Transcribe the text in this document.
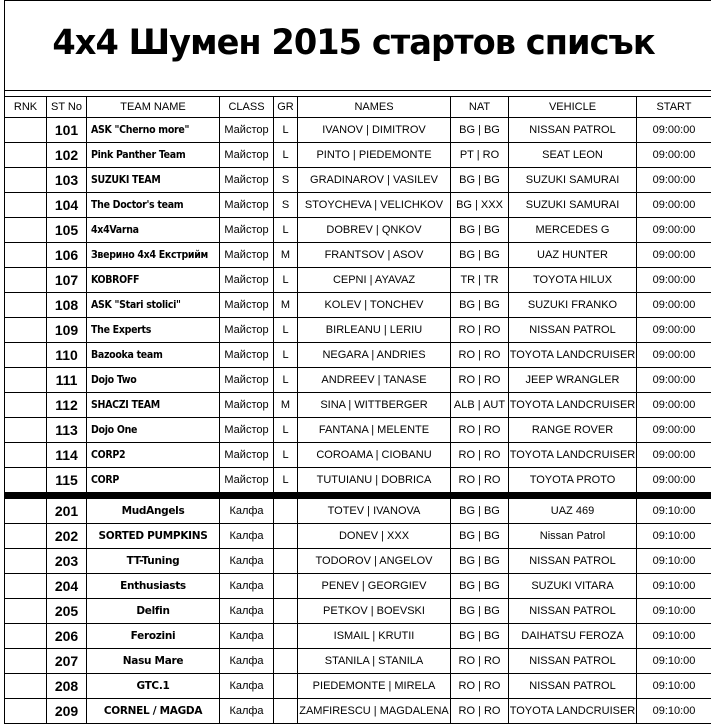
4x4 Шумен 2015 стартов списък
RNK	ST No	TEAM NAME	CLASS	GR	NAMES	NAT	VEHICLE	START
	101	ASK "Cherno more"	Майстор	L	IVANOV | DIMITROV	BG | BG	NISSAN PATROL	09:00:00
	102	Pink Panther Team	Майстор	L	PINTO | PIEDEMONTE	PT | RO	SEAT LEON	09:00:00
	103	SUZUKI TEAM	Майстор	S	GRADINAROV | VASILEV	BG | BG	SUZUKI SAMURAI	09:00:00
	104	The Doctor's team	Майстор	S	STOYCHEVA | VELICHKOV	BG | XXX	SUZUKI SAMURAI	09:00:00
	105	4x4Varna	Майстор	L	DOBREV | QNKOV	BG | BG	MERCEDES G	09:00:00
	106	Зверино 4х4 Екстрийм	Майстор	M	FRANTSOV | ASOV	BG | BG	UAZ HUNTER	09:00:00
	107	KOBROFF	Майстор	L	CEPNI | AYAVAZ	TR | TR	TOYOTA HILUX	09:00:00
	108	ASK "Stari stolici"	Майстор	M	KOLEV | TONCHEV	BG | BG	SUZUKI FRANKO	09:00:00
	109	The Experts	Майстор	L	BIRLEANU | LERIU	RO | RO	NISSAN PATROL	09:00:00
	110	Bazooka team	Майстор	L	NEGARA | ANDRIES	RO | RO	TOYOTA LANDCRUISER	09:00:00
	111	Dojo Two	Майстор	L	ANDREEV | TANASE	RO | RO	JEEP WRANGLER	09:00:00
	112	SHACZI TEAM	Майстор	M	SINA | WITTBERGER	ALB | AUT	TOYOTA LANDCRUISER	09:00:00
	113	Dojo One	Майстор	L	FANTANA | MELENTE	RO | RO	RANGE ROVER	09:00:00
	114	CORP2	Майстор	L	COROAMA | CIOBANU	RO | RO	TOYOTA LANDCRUISER	09:00:00
	115	CORP	Майстор	L	TUTUIANU | DOBRICA	RO | RO	TOYOTA PROTO	09:00:00

	201	MudAngels	Калфа		TOTEV | IVANOVA	BG | BG	UAZ 469	09:10:00
	202	SORTED PUMPKINS	Калфа		DONEV | XXX	BG | BG	Nissan Patrol	09:10:00
	203	TT-Tuning	Калфа		TODOROV | ANGELOV	BG | BG	NISSAN PATROL	09:10:00
	204	Enthusiasts	Калфа		PENEV | GEORGIEV	BG | BG	SUZUKI VITARA	09:10:00
	205	Delfin	Калфа		PETKOV | BOEVSKI	BG | BG	NISSAN PATROL	09:10:00
	206	Ferozini	Калфа		ISMAIL | KRUTII	BG | BG	DAIHATSU FEROZA	09:10:00
	207	Nasu Mare	Калфа		STANILA | STANILA	RO | RO	NISSAN PATROL	09:10:00
	208	GTC.1	Калфа		PIEDEMONTE | MIRELA	RO | RO	NISSAN PATROL	09:10:00
	209	CORNEL / MAGDA	Калфа		ZAMFIRESCU | MAGDALENA	RO | RO	TOYOTA LANDCRUISER	09:10:00
